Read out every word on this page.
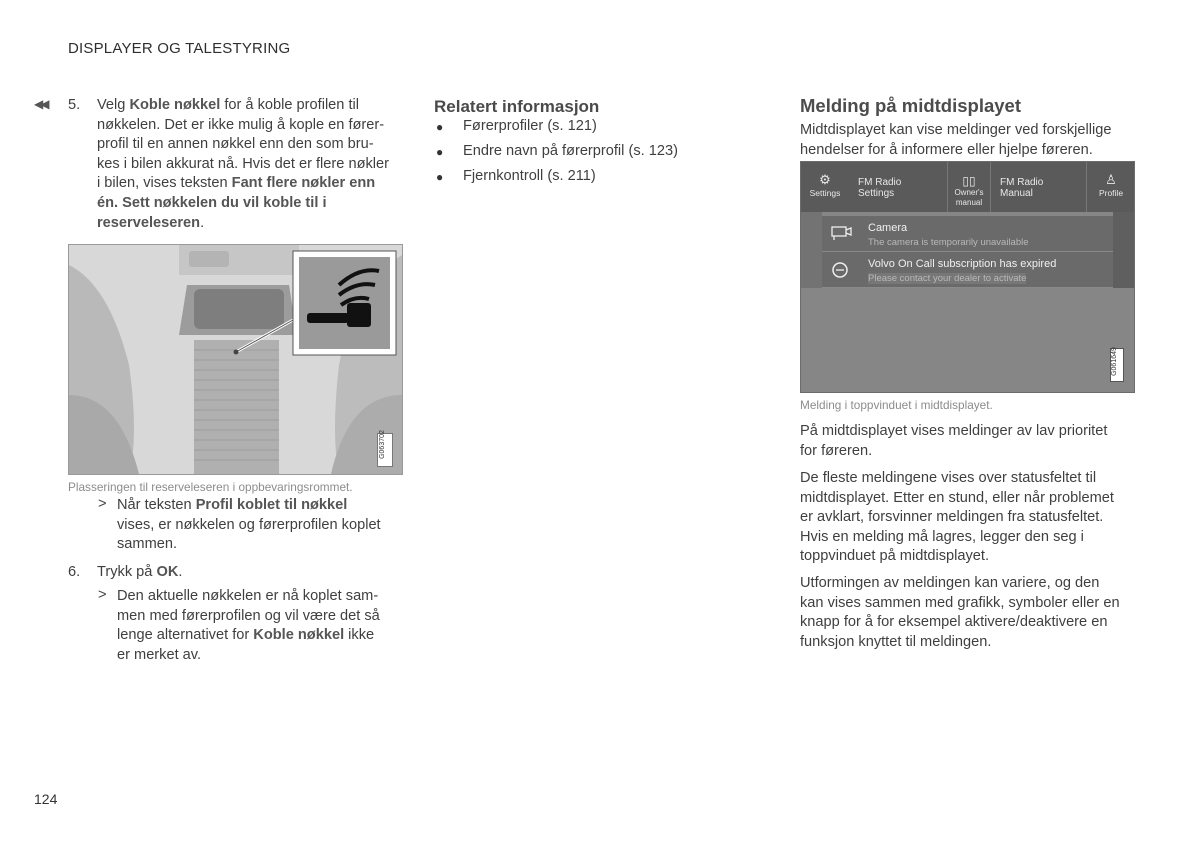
DISPLAYER OG TALESTYRING
124
◀◀ 5. Velg Koble nøkkel for å koble profilen til
nøkkelen. Det er ikke mulig å kople en fører-
profil til en annen nøkkel enn den som bru-
kes i bilen akkurat nå. Hvis det er flere nøkler
i bilen, vises teksten Fant flere nøkler enn
én. Sett nøkkelen du vil koble til i
reserveleseren.
G063702
Plasseringen til reserveleseren i oppbevaringsrommet.
> Når teksten Profil koblet til nøkkel
vises, er nøkkelen og førerprofilen koplet
sammen.
6. Trykk på OK.
> Den aktuelle nøkkelen er nå koplet sam-
men med førerprofilen og vil være det så
lenge alternativet for Koble nøkkel ikke
er merket av.
Relatert informasjon
● Førerprofiler (s. 121)
● Endre navn på førerprofil (s. 123)
● Fjernkontroll (s. 211)
Melding på midtdisplayet
Midtdisplayet kan vise meldinger ved forskjellige
hendelser for å informere eller hjelpe føreren.
⚙
Settings
FM Radio
Settings
▯▯
Owner's
manual
FM Radio
Manual
♙
Profile
Camera
The camera is temporarily unavailable
Volvo On Call subscription has expired
Please contact your dealer to activate
G061649
Melding i toppvinduet i midtdisplayet.
På midtdisplayet vises meldinger av lav prioritet
for føreren.
De fleste meldingene vises over statusfeltet til
midtdisplayet. Etter en stund, eller når problemet
er avklart, forsvinner meldingen fra statusfeltet.
Hvis en melding må lagres, legger den seg i
toppvinduet på midtdisplayet.
Utformingen av meldingen kan variere, og den
kan vises sammen med grafikk, symboler eller en
knapp for å for eksempel aktivere/deaktivere en
funksjon knyttet til meldingen.
